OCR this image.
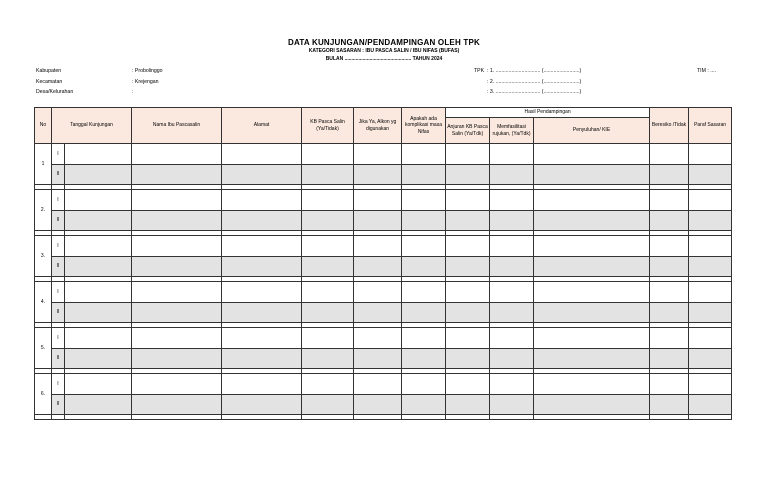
DATA KUNJUNGAN/PENDAMPINGAN OLEH TPK
KATEGORI SASARAN : IBU PASCA SALIN / IBU NIFAS (BUFAS)
BULAN ................................................ TAHUN 2024
Kabupaten	: Probolinggo
Kecamatan	: Krejengan
Desa/Kelurahan	:
TPK : 1. ............................... (.........................)
: 2. ............................... (.........................)
: 3. ............................... (.........................)
TIM : ....
No	Tanggal Kunjungan		Nama Ibu Pascasalin	Alamat	KB Pasca Salin (Ya/Tidak)	Jika Ya, Alkon yg digunakan	Apakah ada komplikasi masa Nifas	Hasil Pendampingan			Beresiko /Tidak	Paraf Sasaran
								Anjuran KB Pasca Salin (Ya/Tdk)	Memfasilitasi rujukan, (Ya/Tdk)	Penyuluhan/ KIE		
1	I											
	II											

2.	I											
	II											

3.	I											
	II											

4.	I											
	II											

5.	I											
	II											

6.	I											
	II											
